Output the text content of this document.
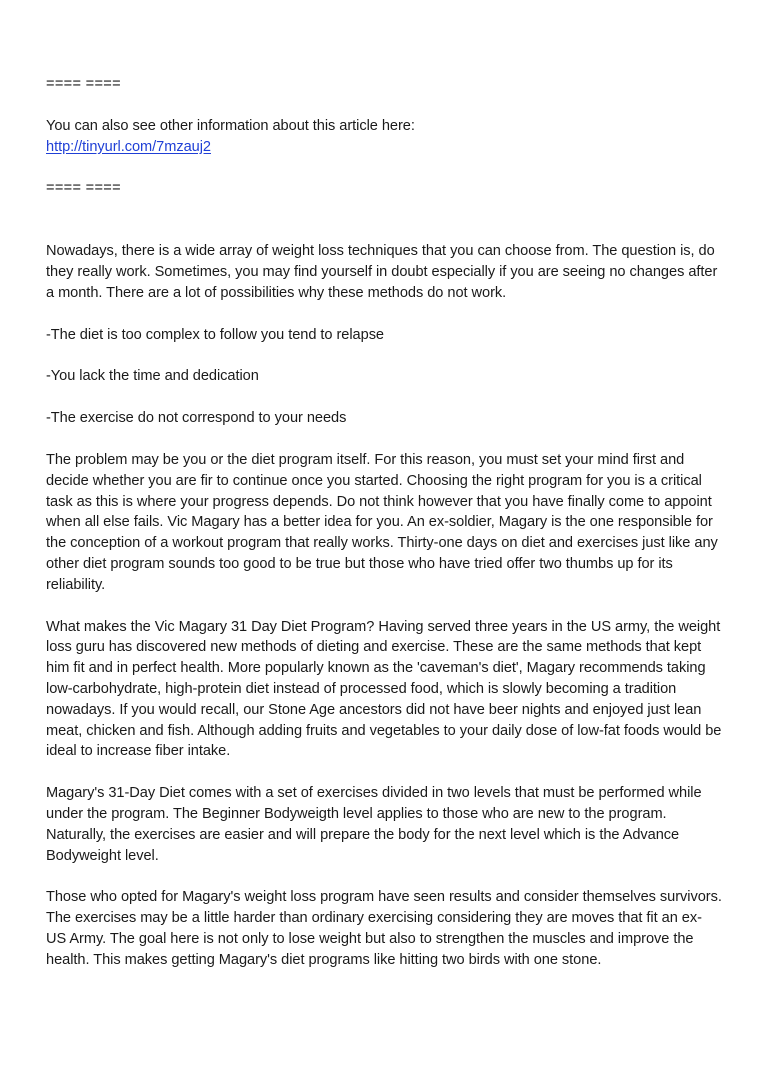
==== ====

You can also see other information about this article here:

http://tinyurl.com/7mzauj2

==== ====

Nowadays, there is a wide array of weight loss techniques that you can choose from. The question is, do they really work. Sometimes, you may find yourself in doubt especially if you are seeing no changes after a month. There are a lot of possibilities why these methods do not work.

-The diet is too complex to follow you tend to relapse

-You lack the time and dedication

-The exercise do not correspond to your needs

The problem may be you or the diet program itself. For this reason, you must set your mind first and decide whether you are fir to continue once you started. Choosing the right program for you is a critical task as this is where your progress depends. Do not think however that you have finally come to appoint when all else fails. Vic Magary has a better idea for you. An ex-soldier, Magary is the one responsible for the conception of a workout program that really works. Thirty-one days on diet and exercises just like any other diet program sounds too good to be true but those who have tried offer two thumbs up for its reliability.

What makes the Vic Magary 31 Day Diet Program? Having served three years in the US army, the weight loss guru has discovered new methods of dieting and exercise. These are the same methods that kept him fit and in perfect health. More popularly known as the 'caveman's diet', Magary recommends taking low-carbohydrate, high-protein diet instead of processed food, which is slowly becoming a tradition nowadays. If you would recall, our Stone Age ancestors did not have beer nights and enjoyed just lean meat, chicken and fish. Although adding fruits and vegetables to your daily dose of low-fat foods would be ideal to increase fiber intake.

Magary's 31-Day Diet comes with a set of exercises divided in two levels that must be performed while under the program. The Beginner Bodyweigth level applies to those who are new to the program. Naturally, the exercises are easier and will prepare the body for the next level which is the Advance Bodyweight level.

Those who opted for Magary's weight loss program have seen results and consider themselves survivors. The exercises may be a little harder than ordinary exercising considering they are moves that fit an ex-US Army. The goal here is not only to lose weight but also to strengthen the muscles and improve the health. This makes getting Magary's diet programs like hitting two birds with one stone.
